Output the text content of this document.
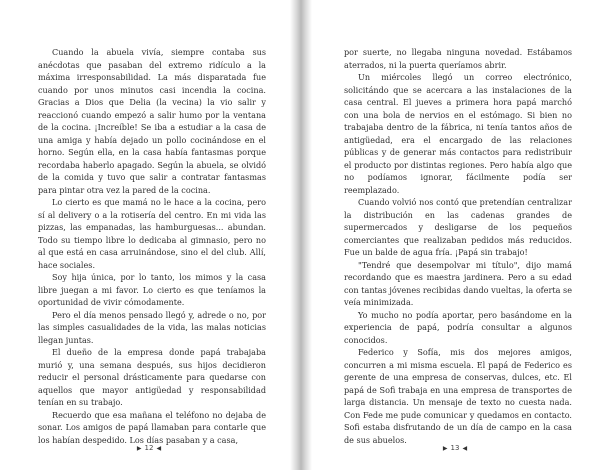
Cuando la abuela vivía, siempre contaba sus anécdotas que pasaban del extremo ridículo a la máxima irresponsabilidad. La más disparatada fue cuando por unos minutos casi incendia la cocina. Gracias a Dios que Delia (la vecina) la vio salir y reaccionó cuando empezó a salir humo por la ventana de la cocina. ¡Increíble! Se iba a estudiar a la casa de una amiga y había dejado un pollo cocinándose en el horno. Según ella, en la casa había fantasmas porque recordaba haberlo apagado. Según la abuela, se olvidó de la comida y tuvo que salir a contratar fantasmas para pintar otra vez la pared de la cocina.

Lo cierto es que mamá no le hace a la cocina, pero sí al delivery o a la rotisería del centro. En mi vida las pizzas, las empanadas, las hamburguesas... abundan. Todo su tiempo libre lo dedicaba al gimnasio, pero no al que está en casa arruinándose, sino el del club. Allí, hace sociales.

Soy hija única, por lo tanto, los mimos y la casa libre juegan a mi favor. Lo cierto es que teníamos la oportunidad de vivir cómodamente.

Pero el día menos pensado llegó y, adrede o no, por las simples casualidades de la vida, las malas noticias llegan juntas.

El dueño de la empresa donde papá trabajaba murió y, una semana después, sus hijos decidieron reducir el personal drásticamente para quedarse con aquellos que mayor antigüedad y responsabilidad tenían en su trabajo.

Recuerdo que esa mañana el teléfono no dejaba de sonar. Los amigos de papá llamaban para contarle que los habían despedido. Los días pasaban y a casa,

▶ 12 ◀

por suerte, no llegaba ninguna novedad. Estábamos aterrados, ni la puerta queríamos abrir.

Un miércoles llegó un correo electrónico, solicitándo que se acercara a las instalaciones de la casa central. El jueves a primera hora papá marchó con una bola de nervios en el estómago. Si bien no trabajaba dentro de la fábrica, ni tenía tantos años de antigüedad, era el encargado de las relaciones públicas y de generar más contactos para redistribuir el producto por distintas regiones. Pero había algo que no podíamos ignorar, fácilmente podía ser reemplazado.

Cuando volvió nos contó que pretendían centralizar la distribución en las cadenas grandes de supermercados y desligarse de los pequeños comerciantes que realizaban pedidos más reducidos. Fue un balde de agua fría. ¡Papá sin trabajo!

"Tendré que desempolvar mi título", dijo mamá recordando que es maestra jardinera. Pero a su edad con tantas jóvenes recibidas dando vueltas, la oferta se veía minimizada.

Yo mucho no podía aportar, pero basándome en la experiencia de papá, podría consultar a algunos conocidos.

Federico y Sofía, mis dos mejores amigos, concurren a mi misma escuela. El papá de Federico es gerente de una empresa de conservas, dulces, etc. El papá de Sofi trabaja en una empresa de transportes de larga distancia. Un mensaje de texto no cuesta nada. Con Fede me pude comunicar y quedamos en contacto. Sofi estaba disfrutando de un día de campo en la casa de sus abuelos.

▶ 13 ◀
